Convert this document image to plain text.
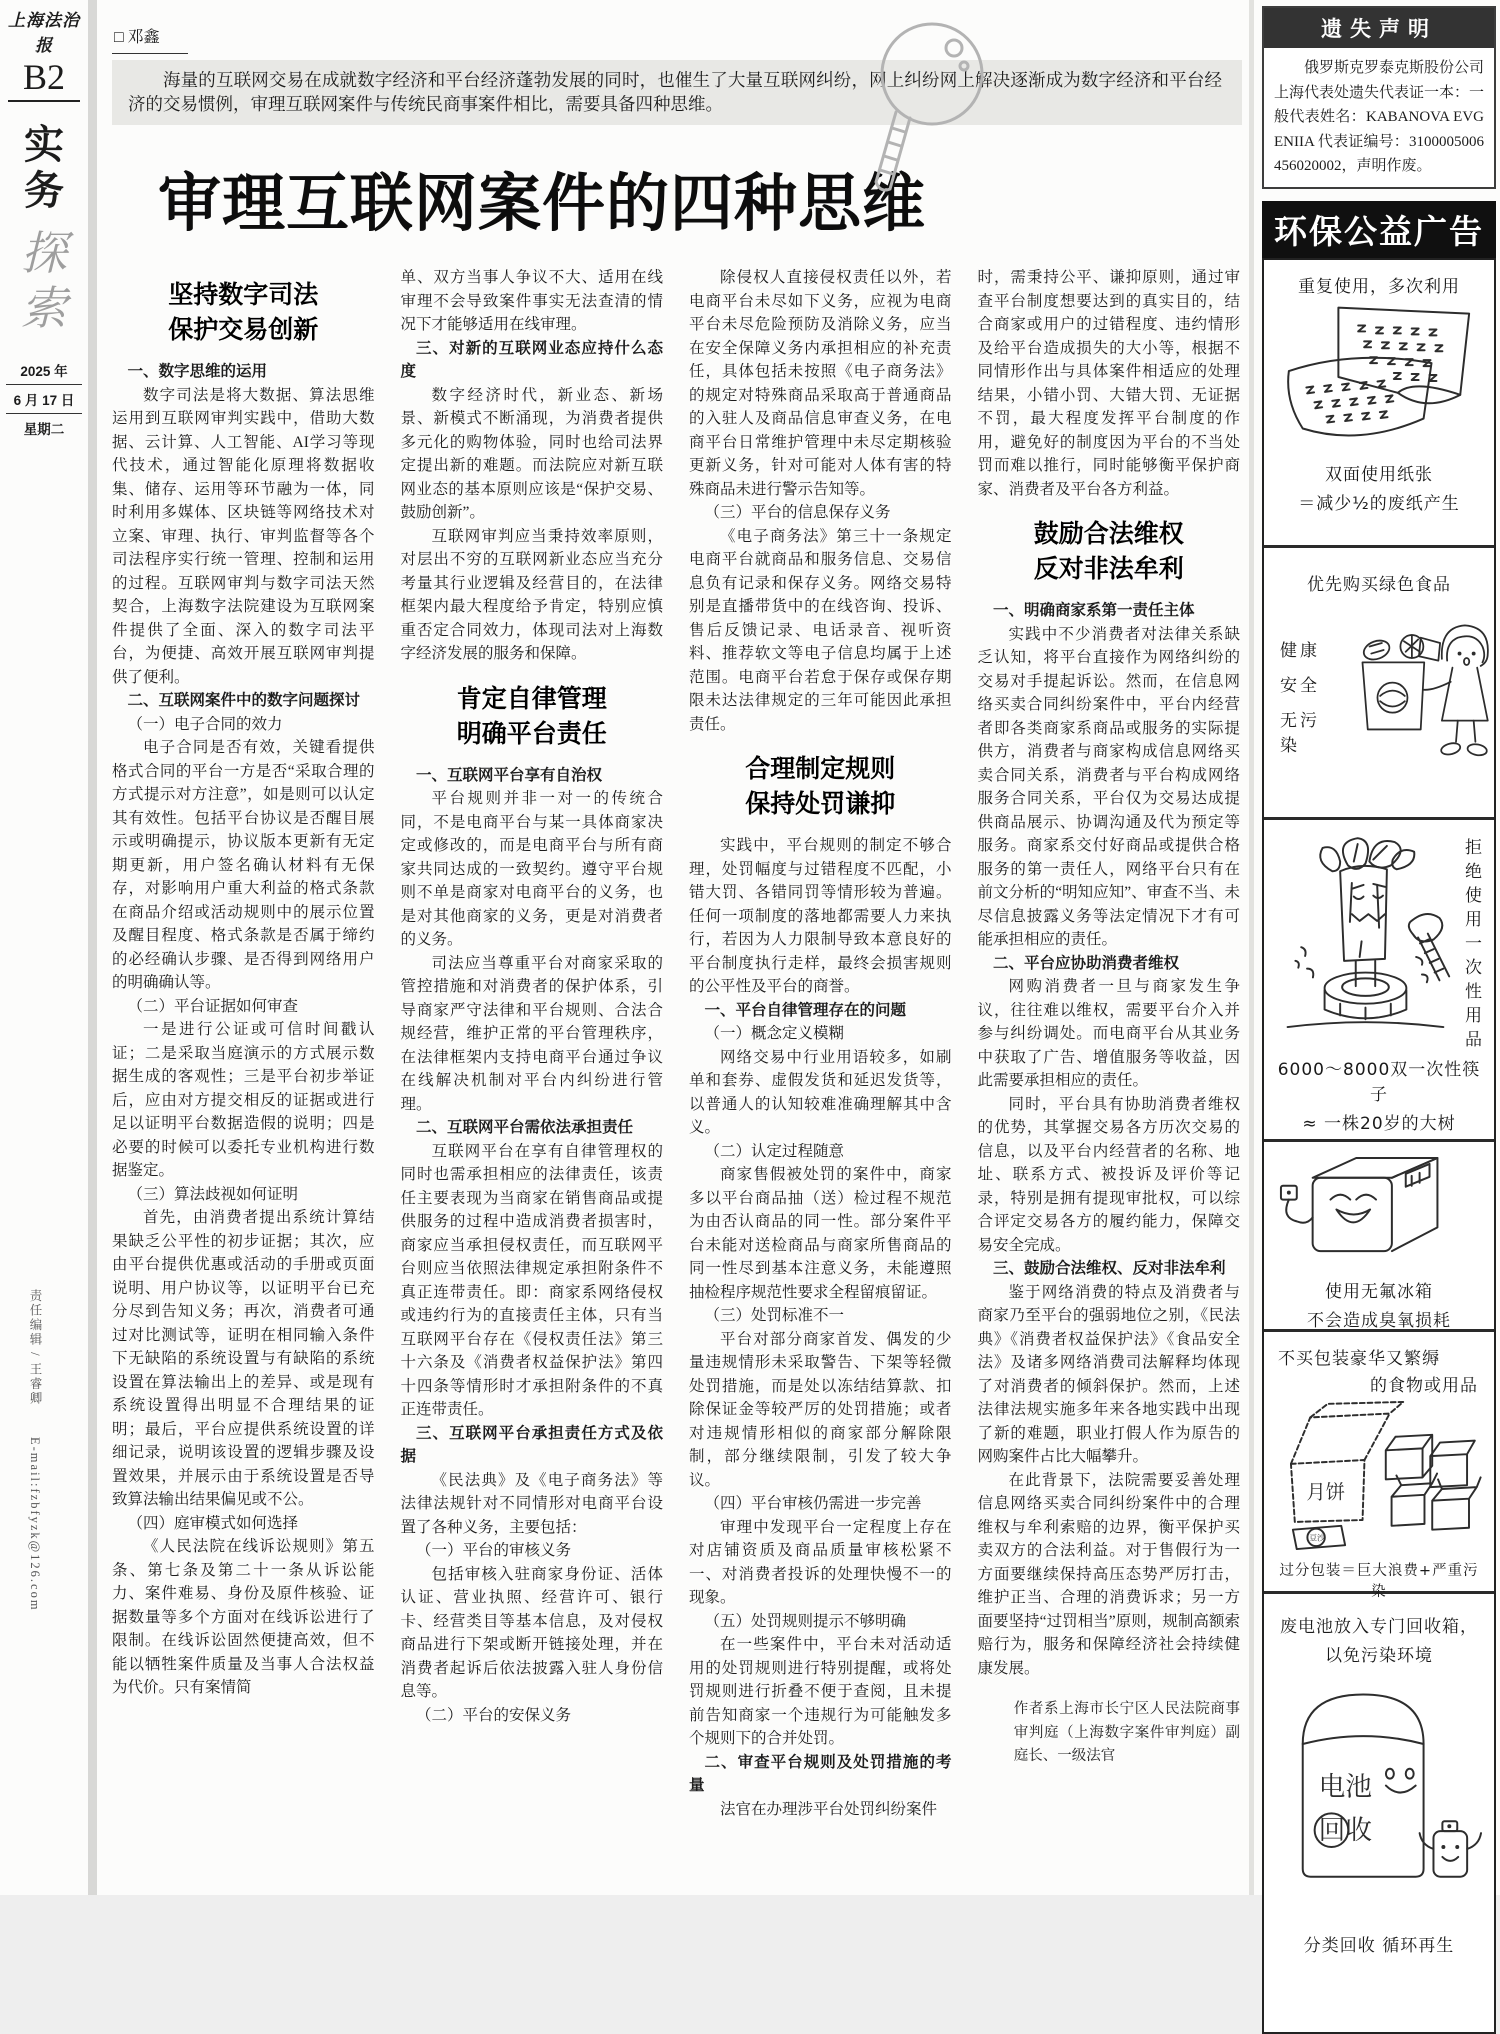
上海法治报
B2
实务
探索
2025 年
6 月 17 日
星期二
责任编辑 / 王睿卿 E-mail:fzbfyzk@126.com
□ 邓鑫

海量的互联网交易在成就数字经济和平台经济蓬勃发展的同时，也催生了大量互联网纠纷，网上纠纷网上解决逐渐成为数字经济和平台经济的交易惯例，审理互联网案件与传统民商事案件相比，需要具备四种思维。

审理互联网案件的四种思维
坚持数字司法
保护交易创新

一、数字思维的运用

数字司法是将大数据、算法思维运用到互联网审判实践中，借助大数据、云计算、人工智能、AI学习等现代技术，通过智能化原理将数据收集、储存、运用等环节融为一体，同时利用多媒体、区块链等网络技术对立案、审理、执行、审判监督等各个司法程序实行统一管理、控制和运用的过程。互联网审判与数字司法天然契合，上海数字法院建设为互联网案件提供了全面、深入的数字司法平台，为便捷、高效开展互联网审判提供了便利。

二、互联网案件中的数字问题探讨

（一）电子合同的效力

电子合同是否有效，关键看提供格式合同的平台一方是否“采取合理的方式提示对方注意”，如是则可以认定其有效性。包括平台协议是否醒目展示或明确提示，协议版本更新有无定期更新，用户签名确认材料有无保存，对影响用户重大利益的格式条款在商品介绍或活动规则中的展示位置及醒目程度、格式条款是否属于缔约的必经确认步骤、是否得到网络用户的明确确认等。

（二）平台证据如何审查

一是进行公证或可信时间戳认证；二是采取当庭演示的方式展示数据生成的客观性；三是平台初步举证后，应由对方提交相反的证据或进行足以证明平台数据造假的说明；四是必要的时候可以委托专业机构进行数据鉴定。

（三）算法歧视如何证明

首先，由消费者提出系统计算结果缺乏公平性的初步证据；其次，应由平台提供优惠或活动的手册或页面说明、用户协议等，以证明平台已充分尽到告知义务；再次，消费者可通过对比测试等，证明在相同输入条件下无缺陷的系统设置与有缺陷的系统设置在算法输出上的差异、或是现有系统设置得出明显不合理结果的证明；最后，平台应提供系统设置的详细记录，说明该设置的逻辑步骤及设置效果，并展示由于系统设置是否导致算法输出结果偏见或不公。

（四）庭审模式如何选择

《人民法院在线诉讼规则》第五条、第七条及第二十一条从诉讼能力、案件难易、身份及原件核验、证据数量等多个方面对在线诉讼进行了限制。在线诉讼固然便捷高效，但不能以牺牲案件质量及当事人合法权益为代价。只有案情简

单、双方当事人争议不大、适用在线审理不会导致案件事实无法查清的情况下才能够适用在线审理。

三、对新的互联网业态应持什么态度

数字经济时代，新业态、新场景、新模式不断涌现，为消费者提供多元化的购物体验，同时也给司法界定提出新的难题。而法院应对新互联网业态的基本原则应该是“保护交易、鼓励创新”。

互联网审判应当秉持效率原则，对层出不穷的互联网新业态应当充分考量其行业逻辑及经营目的，在法律框架内最大程度给予肯定，特别应慎重否定合同效力，体现司法对上海数字经济发展的服务和保障。

肯定自律管理
明确平台责任

一、互联网平台享有自治权

平台规则并非一对一的传统合同，不是电商平台与某一具体商家决定或修改的，而是电商平台与所有商家共同达成的一致契约。遵守平台规则不单是商家对电商平台的义务，也是对其他商家的义务，更是对消费者的义务。

司法应当尊重平台对商家采取的管控措施和对消费者的保护体系，引导商家严守法律和平台规则、合法合规经营，维护正常的平台管理秩序，在法律框架内支持电商平台通过争议在线解决机制对平台内纠纷进行管理。

二、互联网平台需依法承担责任

互联网平台在享有自律管理权的同时也需承担相应的法律责任，该责任主要表现为当商家在销售商品或提供服务的过程中造成消费者损害时，商家应当承担侵权责任，而互联网平台则应当依照法律规定承担附条件不真正连带责任。即：商家系网络侵权或违约行为的直接责任主体，只有当互联网平台存在《侵权责任法》第三十六条及《消费者权益保护法》第四十四条等情形时才承担附条件的不真正连带责任。

三、互联网平台承担责任方式及依据

《民法典》及《电子商务法》等法律法规针对不同情形对电商平台设置了各种义务，主要包括：

（一）平台的审核义务

包括审核入驻商家身份证、活体认证、营业执照、经营许可、银行卡、经营类目等基本信息，及对侵权商品进行下架或断开链接处理，并在消费者起诉后依法披露入驻人身份信息等。

（二）平台的安保义务

除侵权人直接侵权责任以外，若电商平台未尽如下义务，应视为电商平台未尽危险预防及消除义务，应当在安全保障义务内承担相应的补充责任，具体包括未按照《电子商务法》的规定对特殊商品采取高于普通商品的入驻人及商品信息审查义务，在电商平台日常维护管理中未尽定期核验更新义务，针对可能对人体有害的特殊商品未进行警示告知等。

（三）平台的信息保存义务

《电子商务法》第三十一条规定电商平台就商品和服务信息、交易信息负有记录和保存义务。网络交易特别是直播带货中的在线咨询、投诉、售后反馈记录、电话录音、视听资料、推荐软文等电子信息均属于上述范围。电商平台若怠于保存或保存期限未达法律规定的三年可能因此承担责任。

合理制定规则
保持处罚谦抑

实践中，平台规则的制定不够合理，处罚幅度与过错程度不匹配，小错大罚、各错同罚等情形较为普遍。任何一项制度的落地都需要人力来执行，若因为人力限制导致本意良好的平台制度执行走样，最终会损害规则的公平性及平台的商誉。

一、平台自律管理存在的问题

（一）概念定义模糊

网络交易中行业用语较多，如刷单和套券、虚假发货和延迟发货等，以普通人的认知较难准确理解其中含义。

（二）认定过程随意

商家售假被处罚的案件中，商家多以平台商品抽（送）检过程不规范为由否认商品的同一性。部分案件平台未能对送检商品与商家所售商品的同一性尽到基本注意义务，未能遵照抽检程序规范性要求全程留痕留证。

（三）处罚标准不一

平台对部分商家首发、偶发的少量违规情形未采取警告、下架等轻微处罚措施，而是处以冻结结算款、扣除保证金等较严厉的处罚措施；或者对违规情形相似的商家部分解除限制，部分继续限制，引发了较大争议。

（四）平台审核仍需进一步完善

审理中发现平台一定程度上存在对店铺资质及商品质量审核松紧不一、对消费者投诉的处理快慢不一的现象。

（五）处罚规则提示不够明确

在一些案件中，平台未对活动适用的处罚规则进行特别提醒，或将处罚规则进行折叠不便于查阅，且未提前告知商家一个违规行为可能触发多个规则下的合并处罚。

二、审查平台规则及处罚措施的考量

法官在办理涉平台处罚纠纷案件

时，需秉持公平、谦抑原则，通过审查平台制度想要达到的真实目的，结合商家或用户的过错程度、违约情形及给平台造成损失的大小等，根据不同情形作出与具体案件相适应的处理结果，小错小罚、大错大罚、无证据不罚，最大程度发挥平台制度的作用，避免好的制度因为平台的不当处罚而难以推行，同时能够衡平保护商家、消费者及平台各方利益。

鼓励合法维权
反对非法牟利

一、明确商家系第一责任主体

实践中不少消费者对法律关系缺乏认知，将平台直接作为网络纠纷的交易对手提起诉讼。然而，在信息网络买卖合同纠纷案件中，平台内经营者即各类商家系商品或服务的实际提供方，消费者与商家构成信息网络买卖合同关系，消费者与平台构成网络服务合同关系，平台仅为交易达成提供商品展示、协调沟通及代为预定等服务。商家系交付好商品或提供合格服务的第一责任人，网络平台只有在前文分析的“明知应知”、审查不当、未尽信息披露义务等法定情况下才有可能承担相应的责任。

二、平台应协助消费者维权

网购消费者一旦与商家发生争议，往往难以维权，需要平台介入并参与纠纷调处。而电商平台从其业务中获取了广告、增值服务等收益，因此需要承担相应的责任。

同时，平台具有协助消费者维权的优势，其掌握交易各方历次交易的信息，以及平台内经营者的名称、地址、联系方式、被投诉及评价等记录，特别是拥有提现审批权，可以综合评定交易各方的履约能力，保障交易安全完成。

三、鼓励合法维权、反对非法牟利

鉴于网络消费的特点及消费者与商家乃至平台的强弱地位之别，《民法典》《消费者权益保护法》《食品安全法》及诸多网络消费司法解释均体现了对消费者的倾斜保护。然而，上述法律法规实施多年来各地实践中出现了新的难题，职业打假人作为原告的网购案件占比大幅攀升。

在此背景下，法院需要妥善处理信息网络买卖合同纠纷案件中的合理维权与牟利索赔的边界，衡平保护买卖双方的合法利益。对于售假行为一方面要继续保持高压态势严厉打击，维护正当、合理的消费诉求；另一方面要坚持“过罚相当”原则，规制高额索赔行为，服务和保障经济社会持续健康发展。

作者系上海市长宁区人民法院商事审判庭（上海数字案件审判庭）副庭长、一级法官

遗失声明

俄罗斯克罗泰克斯股份公司上海代表处遗失代表证一本：一般代表姓名：KABANOVA EVGENIIA 代表证编号：3100005006456020002，声明作废。

环保公益广告
重复使用，多次利用
双面使用纸张
＝减少½的废纸产生
优先购买绿色食品
健康
安全
无污染
拒绝使用一次性用品
6000～8000双一次性筷子
≈ 一株20岁的大树
使用无氟冰箱
不会造成臭氧损耗
不买包装豪华又繁缛
的食物或用品
月饼
豆沙
过分包装＝巨大浪费+严重污染
废电池放入专门回收箱，
以免污染环境
电池
回收
分类回收 循环再生
